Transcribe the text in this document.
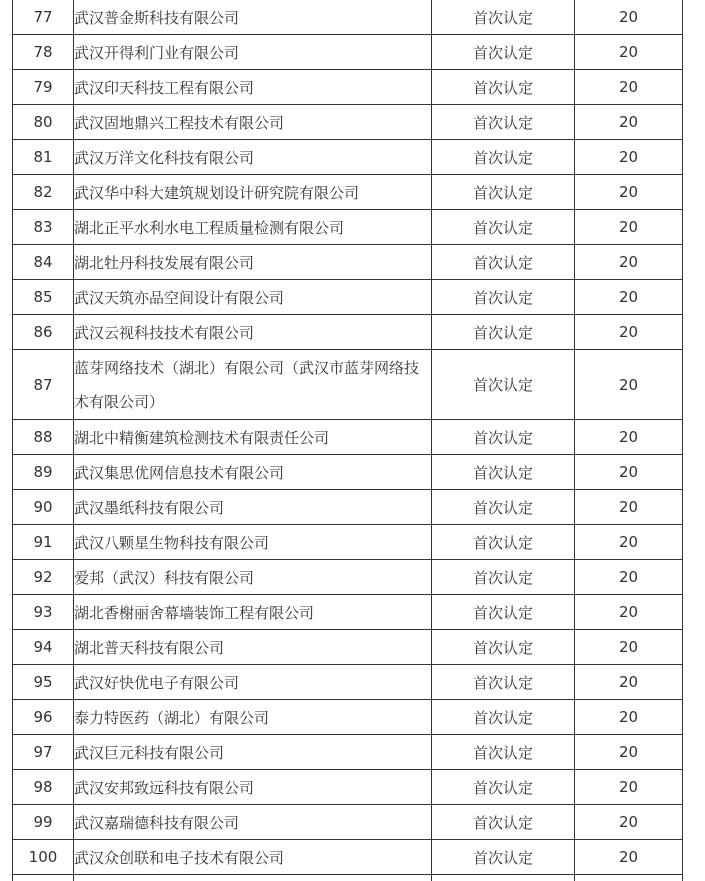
77	武汉普金斯科技有限公司	首次认定	20
78	武汉开得利门业有限公司	首次认定	20
79	武汉印天科技工程有限公司	首次认定	20
80	武汉固地鼎兴工程技术有限公司	首次认定	20
81	武汉万洋文化科技有限公司	首次认定	20
82	武汉华中科大建筑规划设计研究院有限公司	首次认定	20
83	湖北正平水利水电工程质量检测有限公司	首次认定	20
84	湖北牡丹科技发展有限公司	首次认定	20
85	武汉天筑亦品空间设计有限公司	首次认定	20
86	武汉云视科技技术有限公司	首次认定	20
87	蓝芽网络技术（湖北）有限公司（武汉市蓝芽网络技术有限公司）	首次认定	20
88	湖北中精衡建筑检测技术有限责任公司	首次认定	20
89	武汉集思优网信息技术有限公司	首次认定	20
90	武汉墨纸科技有限公司	首次认定	20
91	武汉八颗星生物科技有限公司	首次认定	20
92	爱邦（武汉）科技有限公司	首次认定	20
93	湖北香榭丽舍幕墙装饰工程有限公司	首次认定	20
94	湖北普天科技有限公司	首次认定	20
95	武汉好快优电子有限公司	首次认定	20
96	泰力特医药（湖北）有限公司	首次认定	20
97	武汉巨元科技有限公司	首次认定	20
98	武汉安邦致远科技有限公司	首次认定	20
99	武汉嘉瑞德科技有限公司	首次认定	20
100	武汉众创联和电子技术有限公司	首次认定	20
